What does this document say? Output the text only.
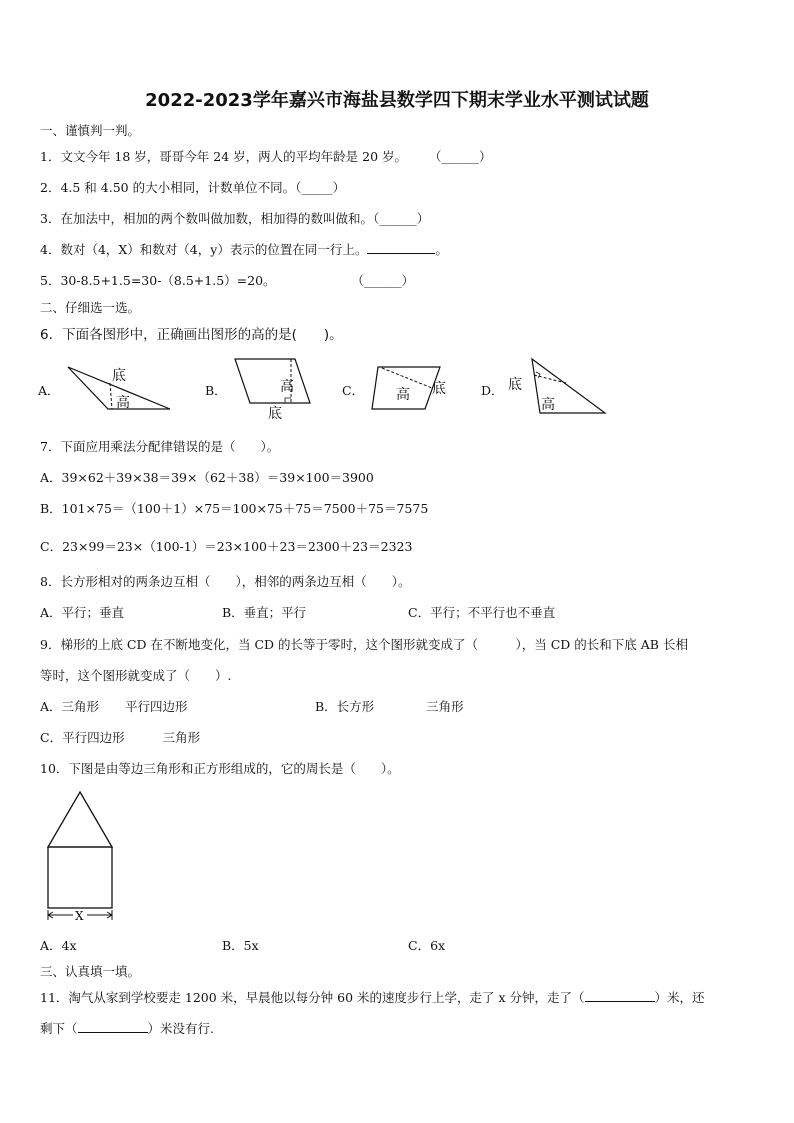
2022-2023学年嘉兴市海盐县数学四下期末学业水平测试试题
一、谨慎判一判。
1．文文今年 18 岁，哥哥今年 24 岁，两人的平均年龄是 20 岁。 （______）
2．4.5 和 4.50 的大小相同，计数单位不同。（_____）
3．在加法中，相加的两个数叫做加数，相加得的数叫做和。（______）
4．数对（4，X）和数对（4，y）表示的位置在同一行上。	。
5．30-8.5+1.5=30-（8.5+1.5）=20。	（______）
二、仔细选一选。
6．下面各图形中，正确画出图形的高的是(　　)。
A．	B．	C．	D．
底
高
高
底
高 底	底
高
7．下面应用乘法分配律错误的是（　　）。
A．39×62＋39×38＝39×（62＋38）＝39×100＝3900
B．101×75＝（100＋1）×75＝100×75＋75＝7500＋75＝7575
C．23×99＝23×（100-1）＝23×100＋23＝2300＋23＝2323
8．长方形相对的两条边互相（　　），相邻的两条边互相（　　）。
A．平行；垂直	B．垂直；平行	C．平行；不平行也不垂直
9．梯形的上底 CD 在不断地变化，当 CD 的长等于零时，这个图形就变成了（　　　），当 CD 的长和下底 AB 长相
等时，这个图形就变成了（　　）.
A．三角形 平行四边形	B．长方形	三角形
C．平行四边形	三角形
10．下图是由等边三角形和正方形组成的，它的周长是（　　）。
X
A．4x	B．5x	C．6x
三、认真填一填。
11．淘气从家到学校要走 1200 米，早晨他以每分钟 60 米的速度步行上学，走了 x 分钟，走了（	）米，还
剩下（	）米没有行.
